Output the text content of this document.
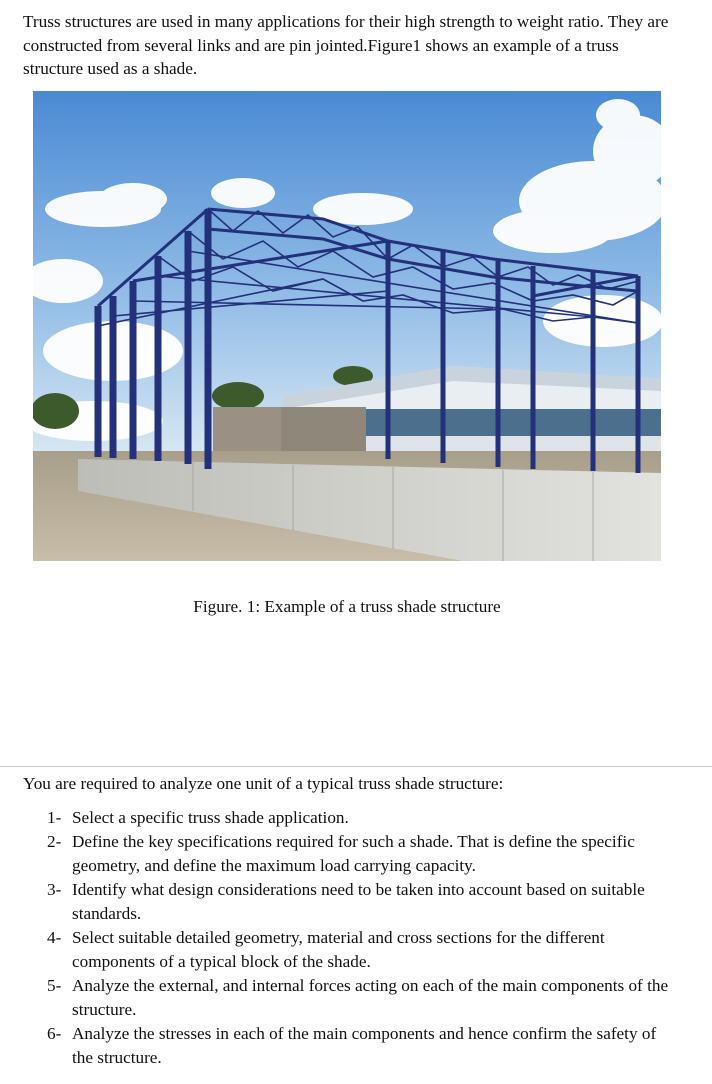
Truss structures are used in many applications for their high strength to weight ratio. They are constructed from several links and are pin jointed.Figure1 shows an example of a truss structure used as a shade.

Figure. 1: Example of a truss shade structure

You are required to analyze one unit of a typical truss shade structure:

1- Select a specific truss shade application.
2- Define the key specifications required for such a shade. That is define the specific geometry, and define the maximum load carrying capacity.
3- Identify what design considerations need to be taken into account based on suitable standards.
4- Select suitable detailed geometry, material and cross sections for the different components of a typical block of the shade.
5- Analyze the external, and internal forces acting on each of the main components of the structure.
6- Analyze the stresses in each of the main components and hence confirm the safety of the structure.
